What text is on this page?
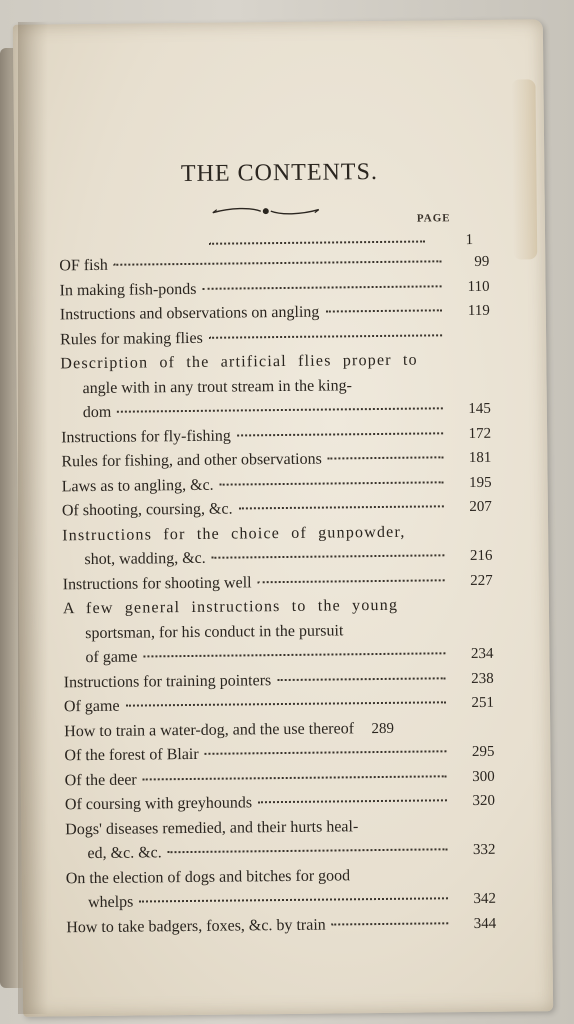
THE CONTENTS.
PAGE
1
OF fish	99
In making fish-ponds	110
Instructions and observations on angling	119
Rules for making flies
Description of the artificial flies proper to
angle with in any trout stream in the king-
dom	145
Instructions for fly-fishing	172
Rules for fishing, and other observations	181
Laws as to angling, &c.	195
Of shooting, coursing, &c.	207
Instructions for the choice of gunpowder,
shot, wadding, &c.	216
Instructions for shooting well	227
A few general instructions to the young
sportsman, for his conduct in the pursuit
of game	234
Instructions for training pointers	238
Of game	251
How to train a water-dog, and the use thereof	289
Of the forest of Blair	295
Of the deer	300
Of coursing with greyhounds	320
Dogs' diseases remedied, and their hurts heal-
ed, &c. &c.	332
On the election of dogs and bitches for good
whelps	342
How to take badgers, foxes, &c. by train	344
